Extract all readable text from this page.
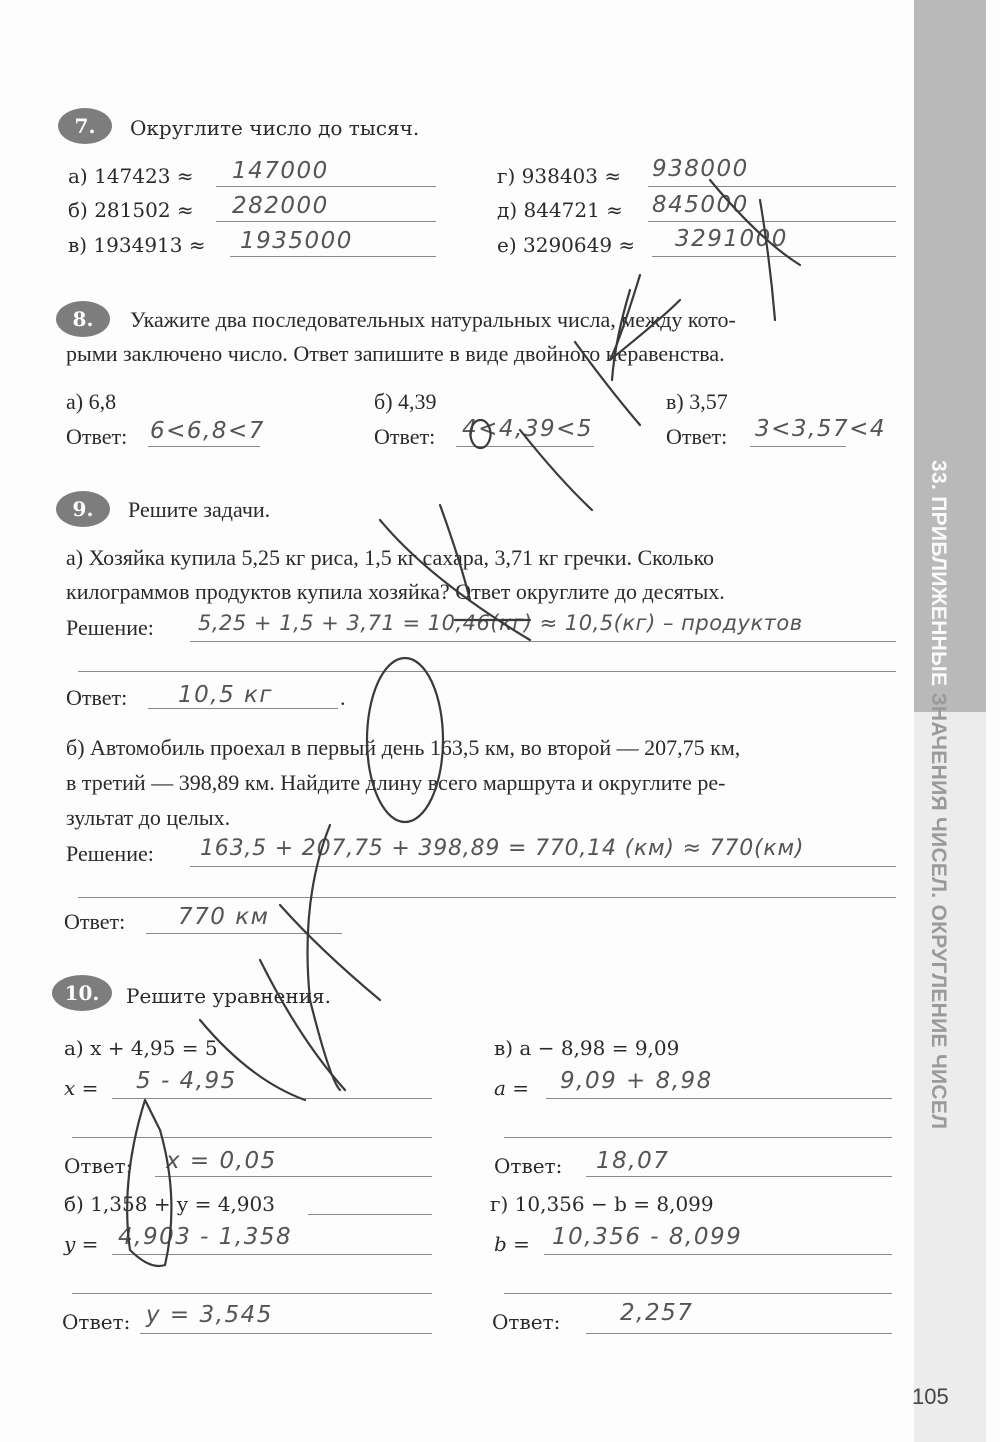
33. ПРИБЛИЖЕННЫЕ ЗНАЧЕНИЯ ЧИСЕЛ. ОКРУГЛЕНИЕ ЧИСЕЛ
105
7.	Округлите число до тысяч.
а) 147423 ≈ 147000
б) 281502 ≈ 282000
в) 1934913 ≈ 1935000
г) 938403 ≈ 938000
д) 844721 ≈ 845000
е) 3290649 ≈ 3291000
8.	Укажите два последовательных натуральных числа, между кото-
рыми заключено число. Ответ запишите в виде двойного неравенства.
а) 6,8
Ответ: 6<6,8<7
б) 4,39
Ответ: 4<4,39<5
в) 3,57
Ответ: 3<3,57<4
9.	Решите задачи.
а) Хозяйка купила 5,25 кг риса, 1,5 кг сахара, 3,71 кг гречки. Сколько
килограммов продуктов купила хозяйка? Ответ округлите до десятых.
Решение: 5,25 + 1,5 + 3,71 = 10,46(кг) ≈ 10,5(кг) – продуктов
Ответ: 10,5 кг	.
б) Автомобиль проехал в первый день 163,5 км, во второй — 207,75 км,
в третий — 398,89 км. Найдите длину всего маршрута и округлите ре-
зультат до целых.
Решение: 163,5 + 207,75 + 398,89 = 770,14 (км) ≈ 770(км)
Ответ: 770 км
10.	Решите уравнения.
а) x + 4,95 = 5
x = 5 - 4,95
Ответ: x = 0,05
б) 1,358 + y = 4,903
y = 4,903 - 1,358
Ответ: y = 3,545
в) a − 8,98 = 9,09
a = 9,09 + 8,98
Ответ: 18,07
г) 10,356 − b = 8,099
b = 10,356 - 8,099
Ответ:	2,257
